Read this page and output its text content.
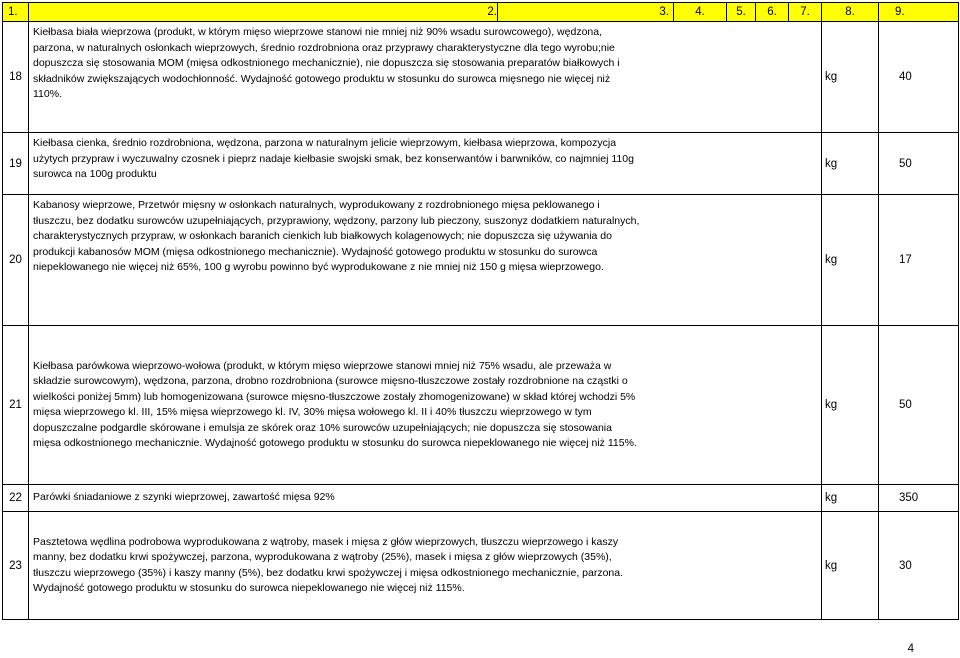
1.	2.	3.	4.	5.	6.	7.	8.	9.
18	Kiełbasa biała wieprzowa (produkt, w którym mięso wieprzowe stanowi nie mniej niż 90% wsadu surowcowego), wędzona, parzona, w naturalnych osłonkach wieprzowych, średnio rozdrobniona oraz przyprawy charakterystyczne dla tego wyrobu;nie dopuszcza się stosowania MOM (mięsa odkostnionego mechanicznie), nie dopuszcza się stosowania preparatów białkowych i składników zwiększających wodochłonność. Wydajność gotowego produktu w stosunku do surowca mięsnego nie więcej niż 110%.						kg	40
19	Kiełbasa cienka, średnio rozdrobniona, wędzona, parzona w naturalnym jelicie wieprzowym, kiełbasa wieprzowa, kompozycja użytych przypraw i wyczuwalny czosnek i pieprz nadaje kiełbasie swojski smak, bez konserwantów i barwników, co najmniej 110g surowca na 100g produktu						kg	50
20	Kabanosy wieprzowe, Przetwór mięsny w osłonkach naturalnych, wyprodukowany z rozdrobnionego mięsa peklowanego i tłuszczu, bez dodatku surowców uzupełniających, przyprawiony, wędzony, parzony lub pieczony, suszonyz dodatkiem naturalnych, charakterystycznych przypraw, w osłonkach baranich cienkich lub białkowych kolagenowych; nie dopuszcza się używania do produkcji kabanosów MOM (mięsa odkostnionego mechanicznie). Wydajność gotowego produktu w stosunku do surowca niepeklowanego nie więcej niż 65%, 100 g wyrobu powinno być wyprodukowane z nie mniej niż 150 g mięsa wieprzowego.						kg	17
21	Kiełbasa parówkowa wieprzowo-wołowa (produkt, w którym mięso wieprzowe stanowi mniej niż 75% wsadu, ale przeważa w składzie surowcowym), wędzona, parzona, drobno rozdrobniona (surowce mięsno-tłuszczowe zostały rozdrobnione na cząstki o wielkości poniżej 5mm) lub homogenizowana (surowce mięsno-tłuszczowe zostały zhomogenizowane) w skład której wchodzi 5% mięsa wieprzowego kl. III, 15% mięsa wieprzowego kl. IV, 30% mięsa wołowego kl. II i 40% tłuszczu wieprzowego w tym dopuszczalne podgardle skórowane i emulsja ze skórek oraz 10% surowców uzupełniających; nie dopuszcza się stosowania mięsa odkostnionego mechanicznie. Wydajność gotowego produktu w stosunku do surowca niepeklowanego nie więcej niż 115%.						kg	50
22	Parówki śniadaniowe z szynki wieprzowej, zawartość mięsa 92%						kg	350
23	Pasztetowa wędlina podrobowa wyprodukowana z wątroby, masek i mięsa z głów wieprzowych, tłuszczu wieprzowego i kaszy manny, bez dodatku krwi spożywczej, parzona, wyprodukowana z wątroby (25%), masek i mięsa z głów wieprzowych (35%), tłuszczu wieprzowego (35%) i kaszy manny (5%), bez dodatku krwi spożywczej i mięsa odkostnionego mechanicznie, parzona. Wydajność gotowego produktu w stosunku do surowca niepeklowanego nie więcej niż 115%.						kg	30
4
